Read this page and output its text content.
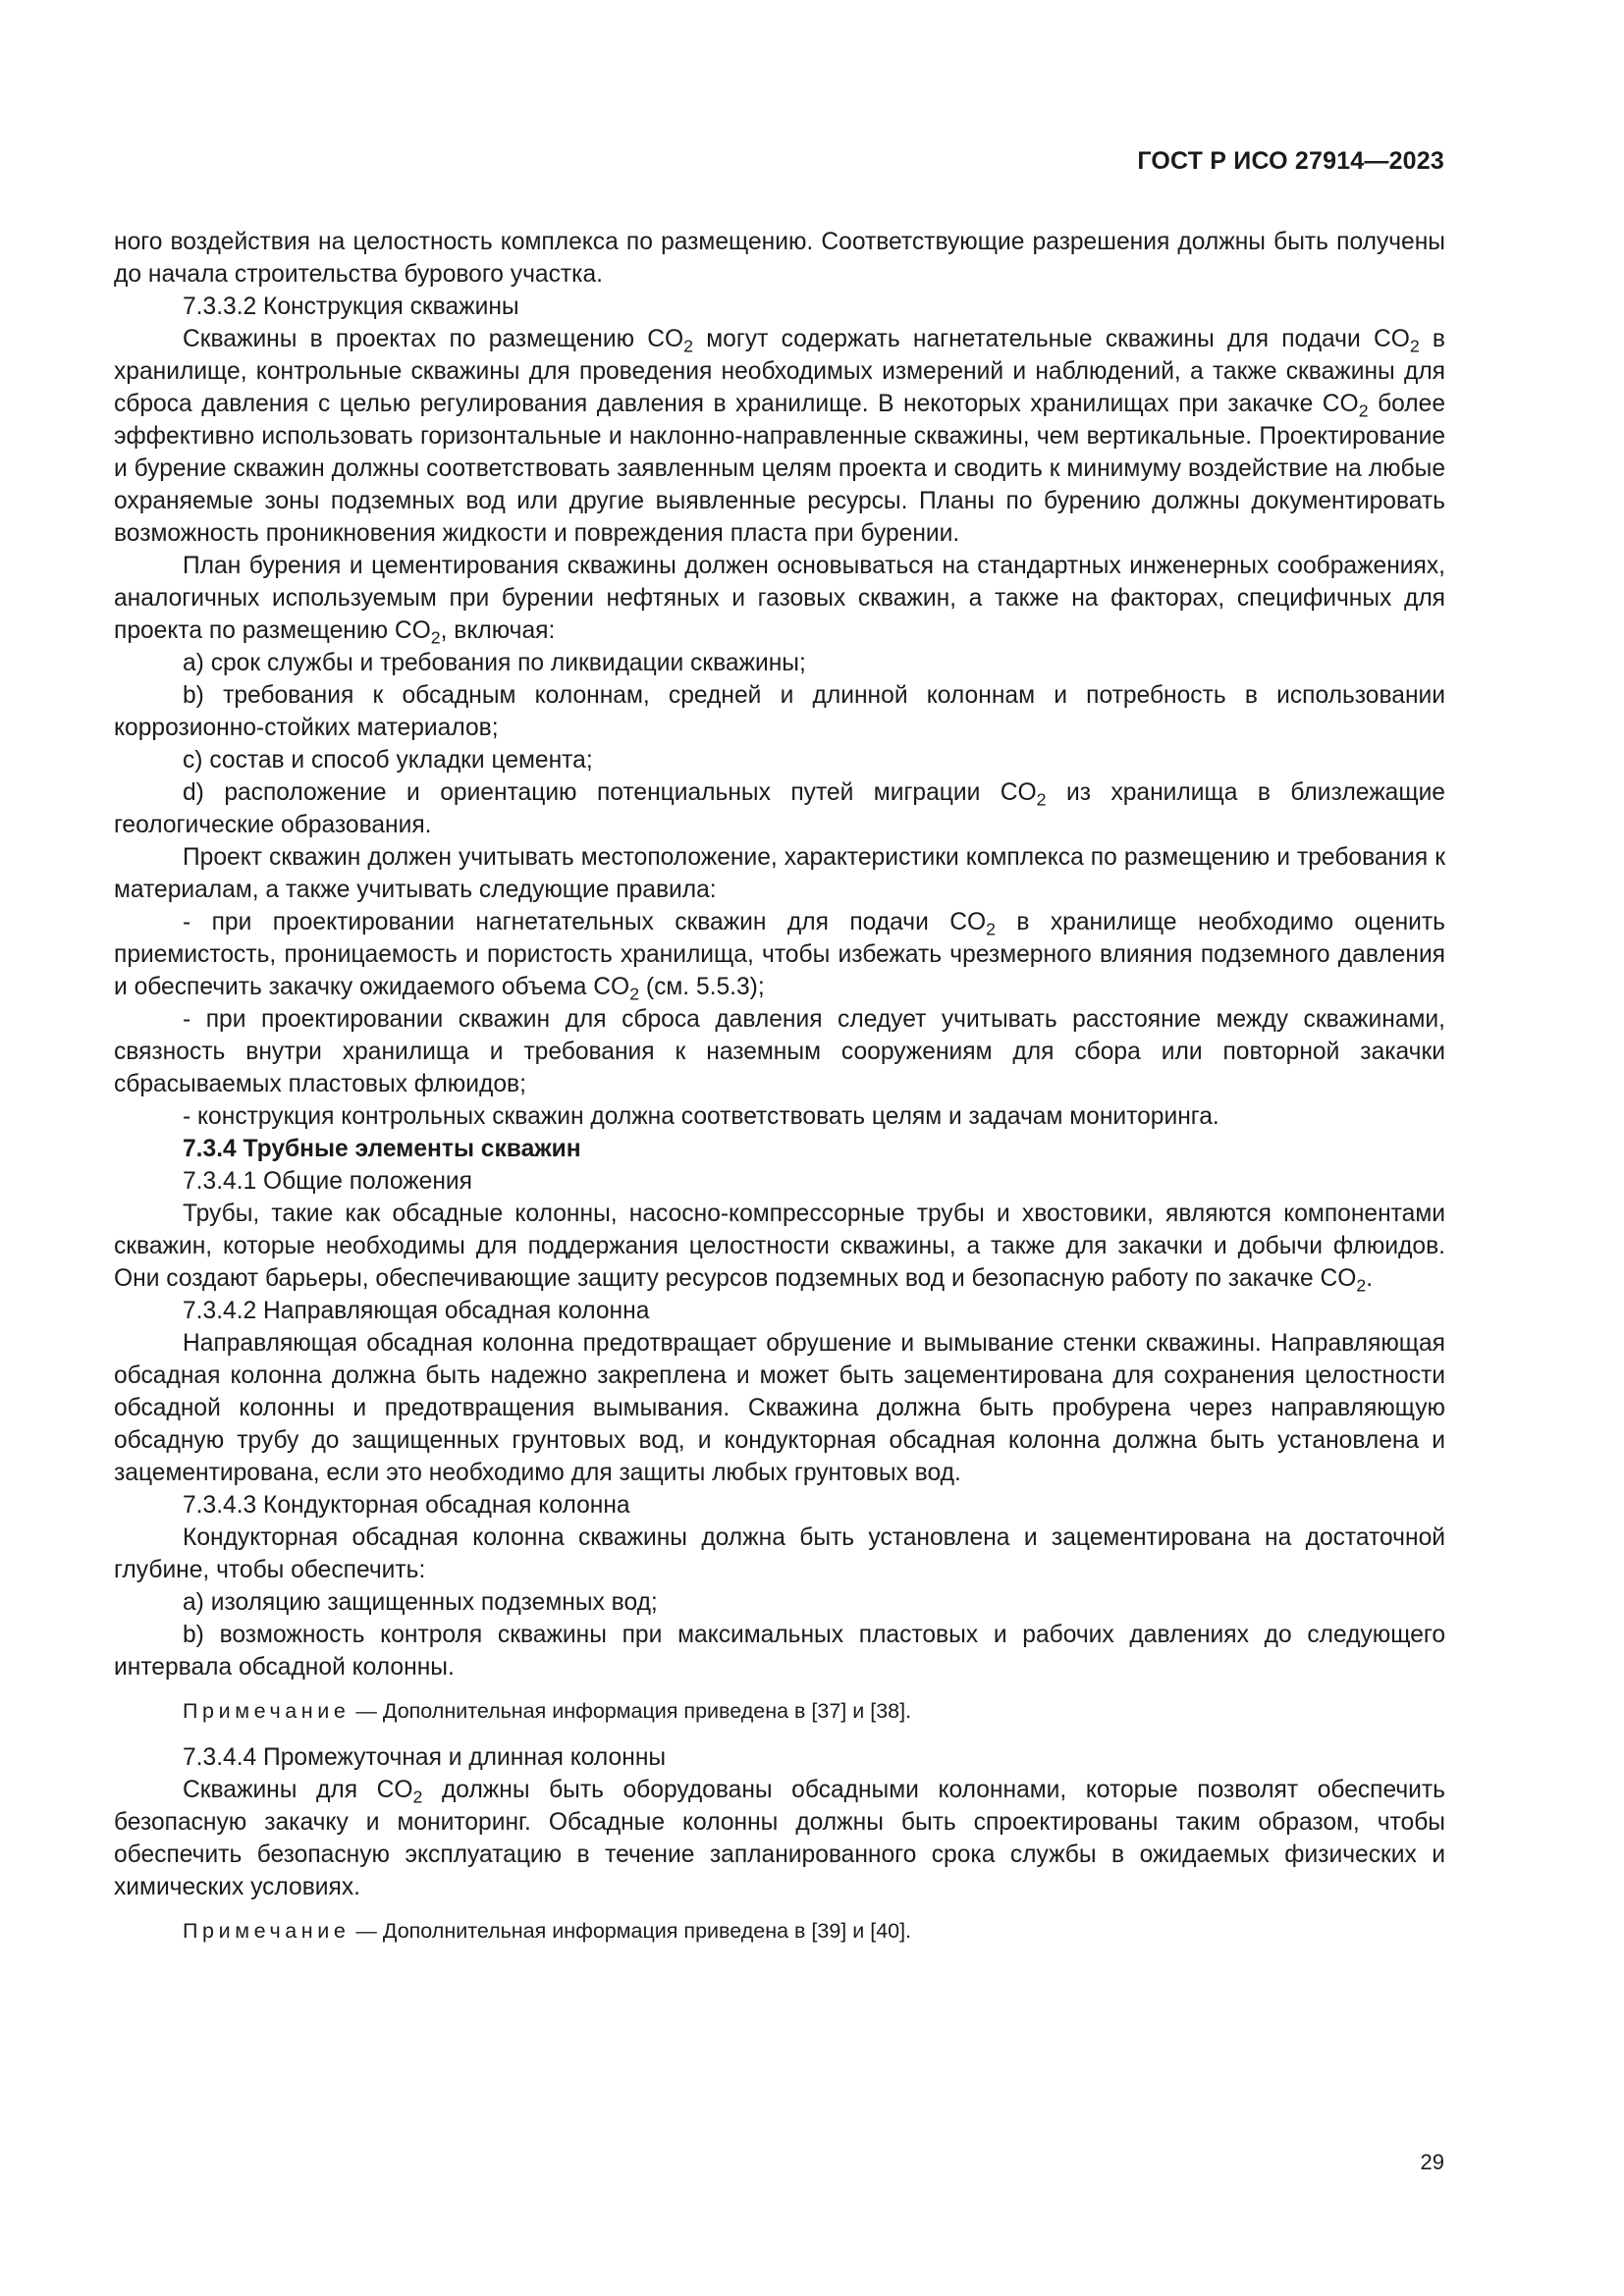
ГОСТ Р ИСО 27914—2023

ного воздействия на целостность комплекса по размещению. Соответствующие разрешения должны быть получены до начала строительства бурового участка.

7.3.3.2 Конструкция скважины

Скважины в проектах по размещению $CO_2$ могут содержать нагнетательные скважины для подачи $CO_2$ в хранилище, контрольные скважины для проведения необходимых измерений и наблюдений, а также скважины для сброса давления с целью регулирования давления в хранилище. В некоторых хранилищах при закачке $CO_2$ более эффективно использовать горизонтальные и наклонно-направленные скважины, чем вертикальные. Проектирование и бурение скважин должны соответствовать заявленным целям проекта и сводить к минимуму воздействие на любые охраняемые зоны подземных вод или другие выявленные ресурсы. Планы по бурению должны документировать возможность проникновения жидкости и повреждения пласта при бурении.

План бурения и цементирования скважины должен основываться на стандартных инженерных соображениях, аналогичных используемым при бурении нефтяных и газовых скважин, а также на факторах, специфичных для проекта по размещению $CO_2$, включая:

а) срок службы и требования по ликвидации скважины;

b) требования к обсадным колоннам, средней и длинной колоннам и потребность в использовании коррозионно-стойких материалов;

с) состав и способ укладки цемента;

d) расположение и ориентацию потенциальных путей миграции $CO_2$ из хранилища в близлежащие геологические образования.

Проект скважин должен учитывать местоположение, характеристики комплекса по размещению и требования к материалам, а также учитывать следующие правила:

- при проектировании нагнетательных скважин для подачи $CO_2$ в хранилище необходимо оценить приемистость, проницаемость и пористость хранилища, чтобы избежать чрезмерного влияния подземного давления и обеспечить закачку ожидаемого объема $CO_2$ (см. 5.5.3);

- при проектировании скважин для сброса давления следует учитывать расстояние между скважинами, связность внутри хранилища и требования к наземным сооружениям для сбора или повторной закачки сбрасываемых пластовых флюидов;

- конструкция контрольных скважин должна соответствовать целям и задачам мониторинга.

7.3.4 Трубные элементы скважин

7.3.4.1 Общие положения

Трубы, такие как обсадные колонны, насосно-компрессорные трубы и хвостовики, являются компонентами скважин, которые необходимы для поддержания целостности скважины, а также для закачки и добычи флюидов. Они создают барьеры, обеспечивающие защиту ресурсов подземных вод и безопасную работу по закачке $CO_2$.

7.3.4.2 Направляющая обсадная колонна

Направляющая обсадная колонна предотвращает обрушение и вымывание стенки скважины. Направляющая обсадная колонна должна быть надежно закреплена и может быть зацементирована для сохранения целостности обсадной колонны и предотвращения вымывания. Скважина должна быть пробурена через направляющую обсадную трубу до защищенных грунтовых вод, и кондукторная обсадная колонна должна быть установлена и зацементирована, если это необходимо для защиты любых грунтовых вод.

7.3.4.3 Кондукторная обсадная колонна

Кондукторная обсадная колонна скважины должна быть установлена и зацементирована на достаточной глубине, чтобы обеспечить:

а) изоляцию защищенных подземных вод;

b) возможность контроля скважины при максимальных пластовых и рабочих давлениях до следующего интервала обсадной колонны.

Примечание — Дополнительная информация приведена в [37] и [38].

7.3.4.4 Промежуточная и длинная колонны

Скважины для $CO_2$ должны быть оборудованы обсадными колоннами, которые позволят обеспечить безопасную закачку и мониторинг. Обсадные колонны должны быть спроектированы таким образом, чтобы обеспечить безопасную эксплуатацию в течение запланированного срока службы в ожидаемых физических и химических условиях.

Примечание — Дополнительная информация приведена в [39] и [40].

29
